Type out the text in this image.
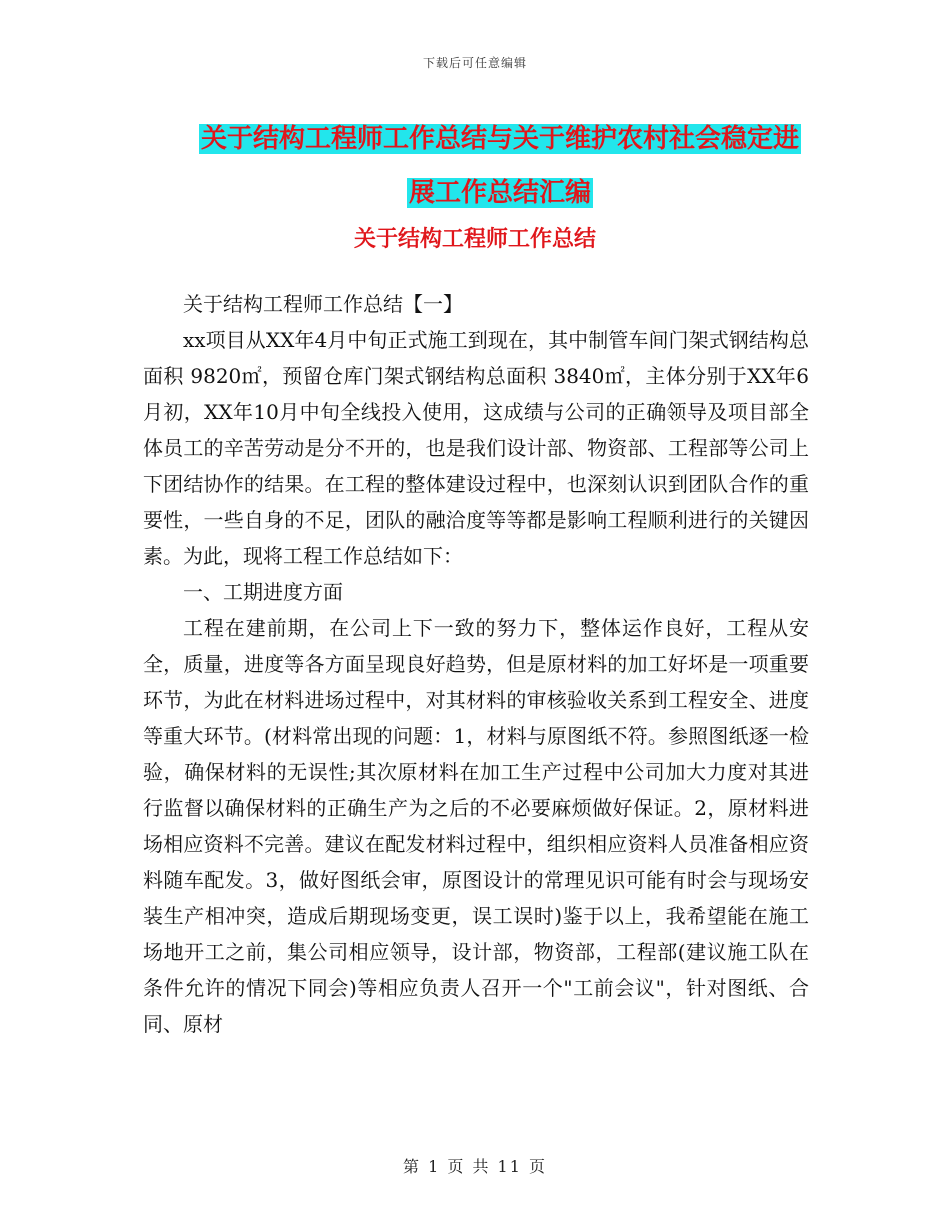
下载后可任意编辑
关于结构工程师工作总结与关于维护农村社会稳定进
展工作总结汇编
关于结构工程师工作总结

关于结构工程师工作总结【一】

xx项目从XX年4月中旬正式施工到现在，其中制管车间门架式钢结构总面积 9820㎡，预留仓库门架式钢结构总面积 3840㎡，主体分别于XX年6月初，XX年10月中旬全线投入使用，这成绩与公司的正确领导及项目部全体员工的辛苦劳动是分不开的，也是我们设计部、物资部、工程部等公司上下团结协作的结果。在工程的整体建设过程中，也深刻认识到团队合作的重要性，一些自身的不足，团队的融洽度等等都是影响工程顺利进行的关键因素。为此，现将工程工作总结如下：

一、工期进度方面

工程在建前期，在公司上下一致的努力下，整体运作良好，工程从安全，质量，进度等各方面呈现良好趋势，但是原材料的加工好坏是一项重要环节，为此在材料进场过程中，对其材料的审核验收关系到工程安全、进度等重大环节。(材料常出现的问题：1，材料与原图纸不符。参照图纸逐一检验，确保材料的无误性;其次原材料在加工生产过程中公司加大力度对其进行监督以确保材料的正确生产为之后的不必要麻烦做好保证。2，原材料进场相应资料不完善。建议在配发材料过程中，组织相应资料人员准备相应资料随车配发。3，做好图纸会审，原图设计的常理见识可能有时会与现场安装生产相冲突，造成后期现场变更，误工误时)鉴于以上，我希望能在施工场地开工之前，集公司相应领导，设计部，物资部，工程部(建议施工队在条件允许的情况下同会)等相应负责人召开一个"工前会议"，针对图纸、合同、原材

第 1 页 共 11 页
